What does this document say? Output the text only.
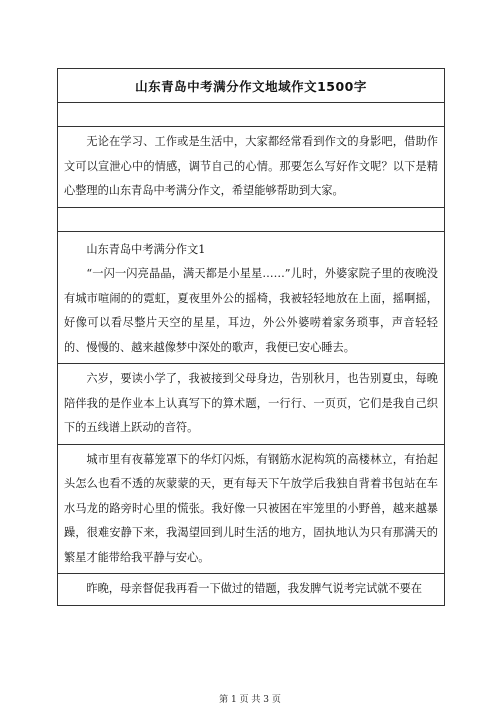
山东青岛中考满分作文地域作文1500字
无论在学习、工作或是生活中，大家都经常看到作文的身影吧，借助作文可以宣泄心中的情感，调节自己的心情。那要怎么写好作文呢？以下是精心整理的山东青岛中考满分作文，希望能够帮助到大家。
山东青岛中考满分作文1
“一闪一闪亮晶晶，满天都是小星星……”儿时，外婆家院子里的夜晚没有城市喧闹的的霓虹，夏夜里外公的摇椅，我被轻轻地放在上面，摇啊摇，好像可以看尽整片天空的星星，耳边，外公外婆唠着家务琐事，声音轻轻的、慢慢的、越来越像梦中深处的歌声，我便已安心睡去。
六岁，要读小学了，我被接到父母身边，告别秋月，也告别夏虫，每晚陪伴我的是作业本上认真写下的算术题，一行行、一页页，它们是我自己织下的五线谱上跃动的音符。
城市里有夜幕笼罩下的华灯闪烁，有钢筋水泥构筑的高楼林立，有抬起头怎么也看不透的灰蒙蒙的天，更有每天下午放学后我独自背着书包站在车水马龙的路旁时心里的慌张。我好像一只被困在牢笼里的小野兽，越来越暴躁，很难安静下来，我渴望回到儿时生活的地方，固执地认为只有那满天的繁星才能带给我平静与安心。
昨晚，母亲督促我再看一下做过的错题，我发脾气说考完试就不要在
第 1 页 共 3 页
